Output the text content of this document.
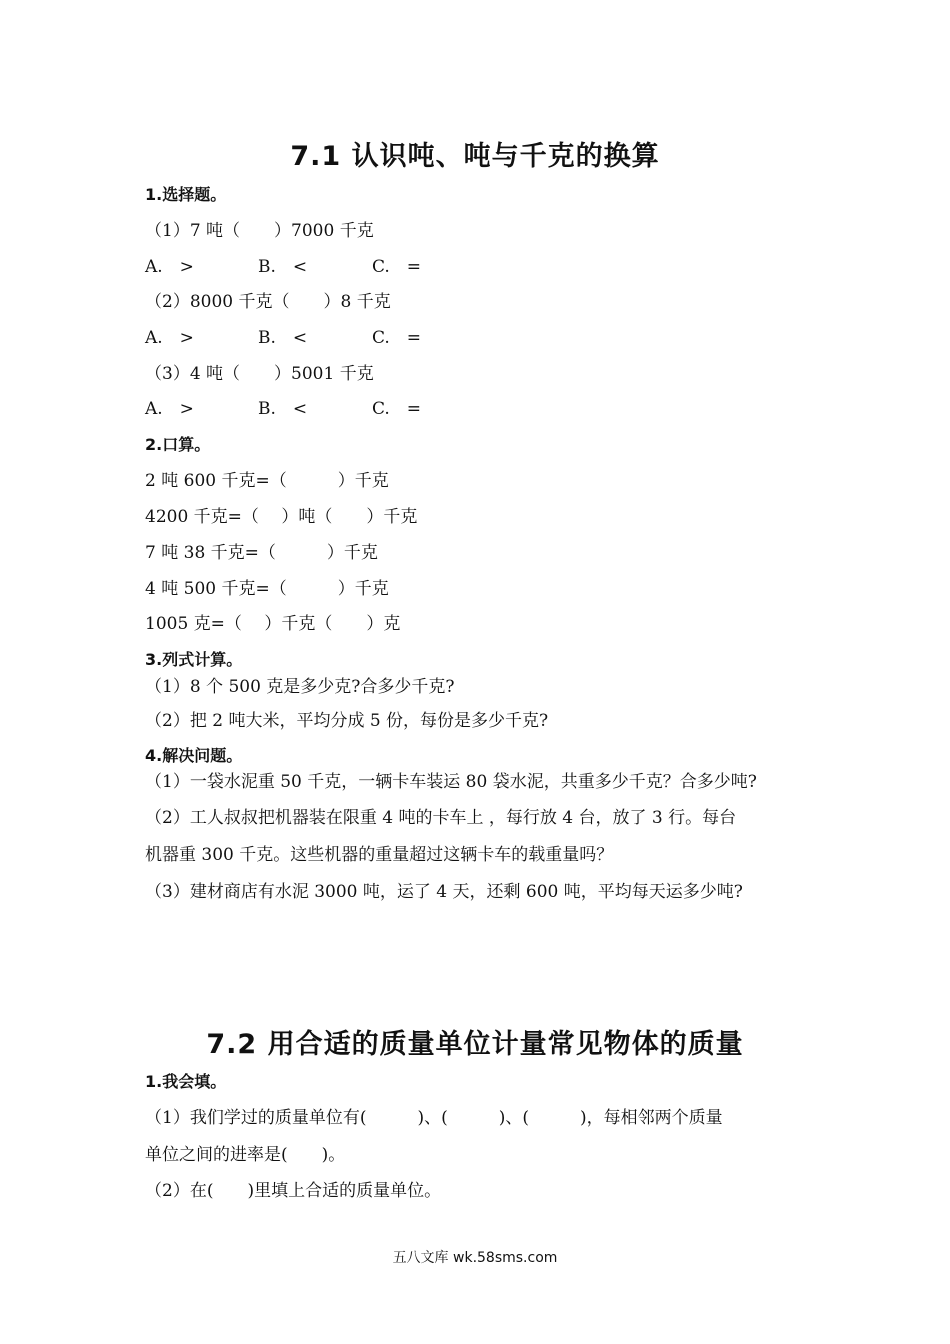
7.1 认识吨、吨与千克的换算
1.选择题。
（1）7 吨（　　）7000 千克
A.　>	B.　<	C.　=
（2）8000 千克（　　）8 千克
A.　>	B.　<	C.　=
（3）4 吨（　　）5001 千克
A.　>	B.　<	C.　=
2.口算。
2 吨 600 千克=（　　　）千克
4200 千克=（　 ）吨（　　）千克
7 吨 38 千克=（　　　）千克
4 吨 500 千克=（　　　）千克
1005 克=（　 ）千克（　　）克
3.列式计算。
（1）8 个 500 克是多少克?合多少千克?
（2）把 2 吨大米，平均分成 5 份，每份是多少千克?
4.解决问题。
（1）一袋水泥重 50 千克，一辆卡车装运 80 袋水泥，共重多少千克？合多少吨?
（2）工人叔叔把机器装在限重 4 吨的卡车上 ，每行放 4 台，放了 3 行。每台
机器重 300 千克。这些机器的重量超过这辆卡车的载重量吗？
（3）建材商店有水泥 3000 吨，运了 4 天，还剩 600 吨，平均每天运多少吨?
7.2 用合适的质量单位计量常见物体的质量
1.我会填。
（1）我们学过的质量单位有(　　　)、(　　　)、(　　　)，每相邻两个质量
单位之间的进率是(　　)。
（2）在(　　)里填上合适的质量单位。
五八文库 wk.58sms.com
